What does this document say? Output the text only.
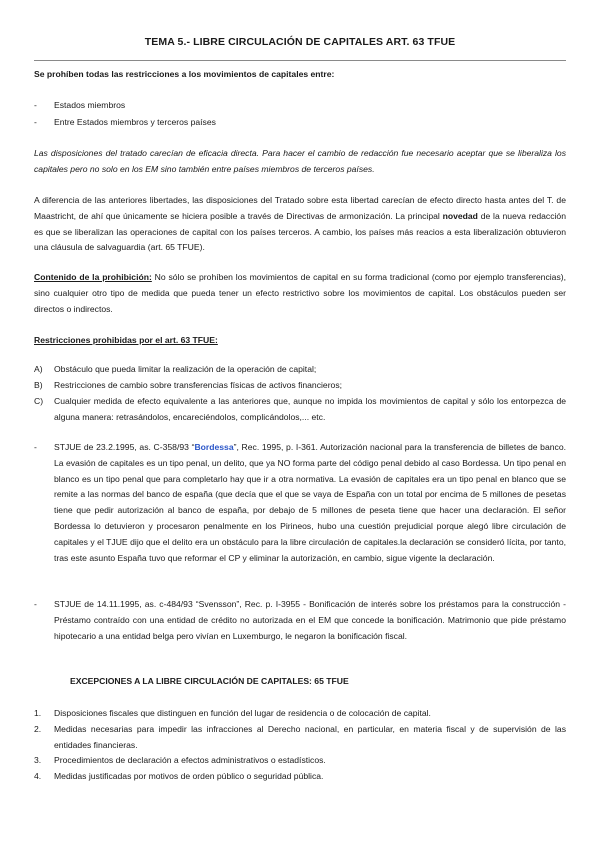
TEMA 5.- LIBRE CIRCULACIÓN DE CAPITALES ART. 63 TFUE

Se prohíben todas las restricciones a los movimientos de capitales entre:

- Estados miembros
- Entre Estados miembros y terceros países

Las disposiciones del tratado carecían de eficacia directa. Para hacer el cambio de redacción fue necesario aceptar que se liberaliza los capitales pero no solo en los EM sino también entre países miembros de terceros países.

A diferencia de las anteriores libertades, las disposiciones del Tratado sobre esta libertad carecían de efecto directo hasta antes del T. de Maastricht, de ahí que únicamente se hiciera posible a través de Directivas de armonización. La principal novedad de la nueva redacción es que se liberalizan las operaciones de capital con los países terceros. A cambio, los países más reacios a esta liberalización obtuvieron una cláusula de salvaguardia (art. 65 TFUE).

Contenido de la prohibición: No sólo se prohíben los movimientos de capital en su forma tradicional (como por ejemplo transferencias), sino cualquier otro tipo de medida que pueda tener un efecto restrictivo sobre los movimientos de capital. Los obstáculos pueden ser directos o indirectos.

Restricciones prohibidas por el art. 63 TFUE:

A) Obstáculo que pueda limitar la realización de la operación de capital;
B) Restricciones de cambio sobre transferencias físicas de activos financieros;
C) Cualquier medida de efecto equivalente a las anteriores que, aunque no impida los movimientos de capital y sólo los entorpezca de alguna manera: retrasándolos, encareciéndolos, complicándolos,... etc.
- STJUE de 23.2.1995, as. C-358/93 “Bordessa”, Rec. 1995, p. I-361. Autorización nacional para la transferencia de billetes de banco. La evasión de capitales es un tipo penal, un delito, que ya NO forma parte del código penal debido al caso Bordessa. Un tipo penal en blanco es un tipo penal que para completarlo hay que ir a otra normativa. La evasión de capitales era un tipo penal en blanco que se remite a las normas del banco de españa (que decía que el que se vaya de España con un total por encima de 5 millones de pesetas tiene que pedir autorización al banco de españa, por debajo de 5 millones de peseta tiene que hacer una declaración. El señor Bordessa lo detuvieron y procesaron penalmente en los Pirineos, hubo una cuestión prejudicial porque alegó libre circulación de capitales y el TJUE dijo que el delito era un obstáculo para la libre circulación de capitales.la declaración se consideró lícita, por tanto, tras este asunto España tuvo que reformar el CP y eliminar la autorización, en cambio, sigue vigente la declaración.
- STJUE de 14.11.1995, as. c-484/93 “Svensson”, Rec. p. I-3955 - Bonificación de interés sobre los préstamos para la construcción - Préstamo contraído con una entidad de crédito no autorizada en el EM que concede la bonificación. Matrimonio que pide préstamo hipotecario a una entidad belga pero vivían en Luxemburgo, le negaron la bonificación fiscal.

EXCEPCIONES A LA LIBRE CIRCULACIÓN DE CAPITALES: 65 TFUE

1. Disposiciones fiscales que distinguen en función del lugar de residencia o de colocación de capital.
2. Medidas necesarias para impedir las infracciones al Derecho nacional, en particular, en materia fiscal y de supervisión de las entidades financieras.
3. Procedimientos de declaración a efectos administrativos o estadísticos.
4. Medidas justificadas por motivos de orden público o seguridad pública.
